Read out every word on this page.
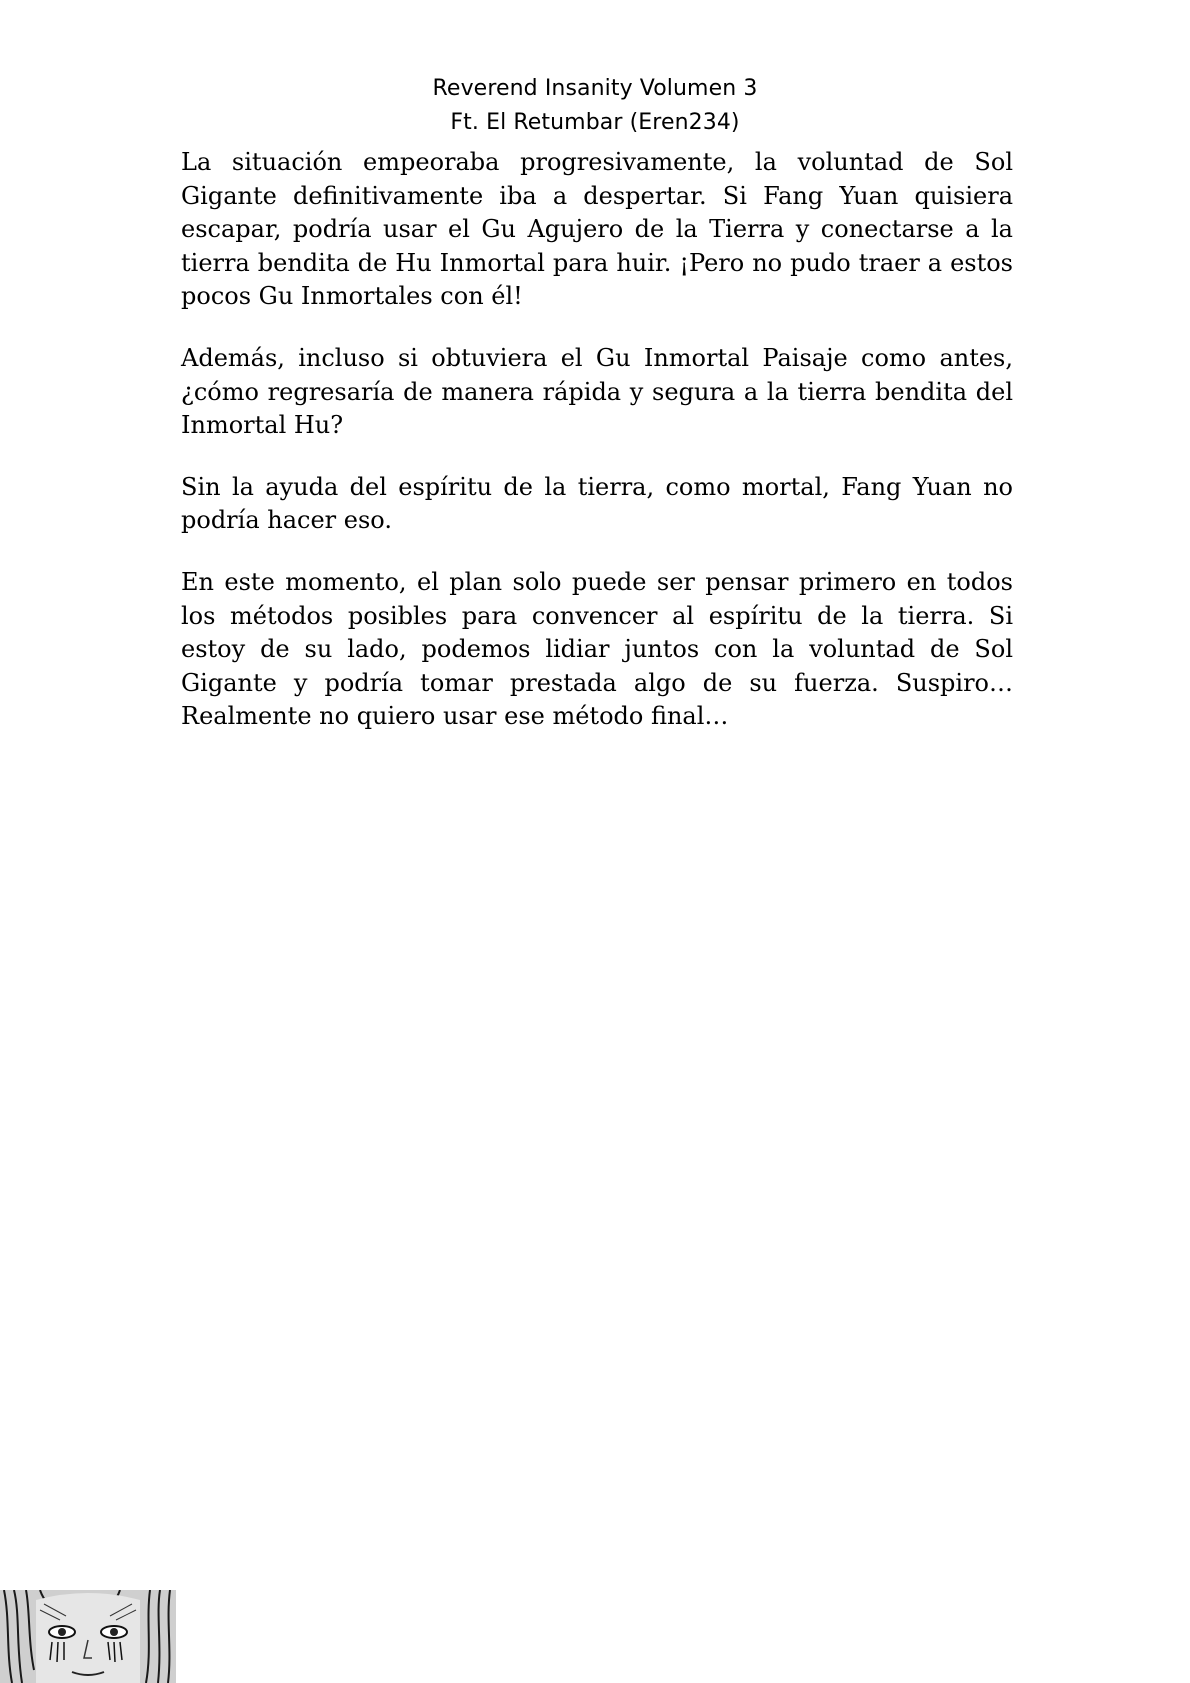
Reverend Insanity Volumen 3
Ft. El Retumbar (Eren234)

La situación empeoraba progresivamente, la voluntad de Sol Gigante definitivamente iba a despertar. Si Fang Yuan quisiera escapar, podría usar el Gu Agujero de la Tierra y conectarse a la tierra bendita de Hu Inmortal para huir. ¡Pero no pudo traer a estos pocos Gu Inmortales con él!

Además, incluso si obtuviera el Gu Inmortal Paisaje como antes, ¿cómo regresaría de manera rápida y segura a la tierra bendita del Inmortal Hu?

Sin la ayuda del espíritu de la tierra, como mortal, Fang Yuan no podría hacer eso.

En este momento, el plan solo puede ser pensar primero en todos los métodos posibles para convencer al espíritu de la tierra. Si estoy de su lado, podemos lidiar juntos con la voluntad de Sol Gigante y podría tomar prestada algo de su fuerza. Suspiro… Realmente no quiero usar ese método final…
